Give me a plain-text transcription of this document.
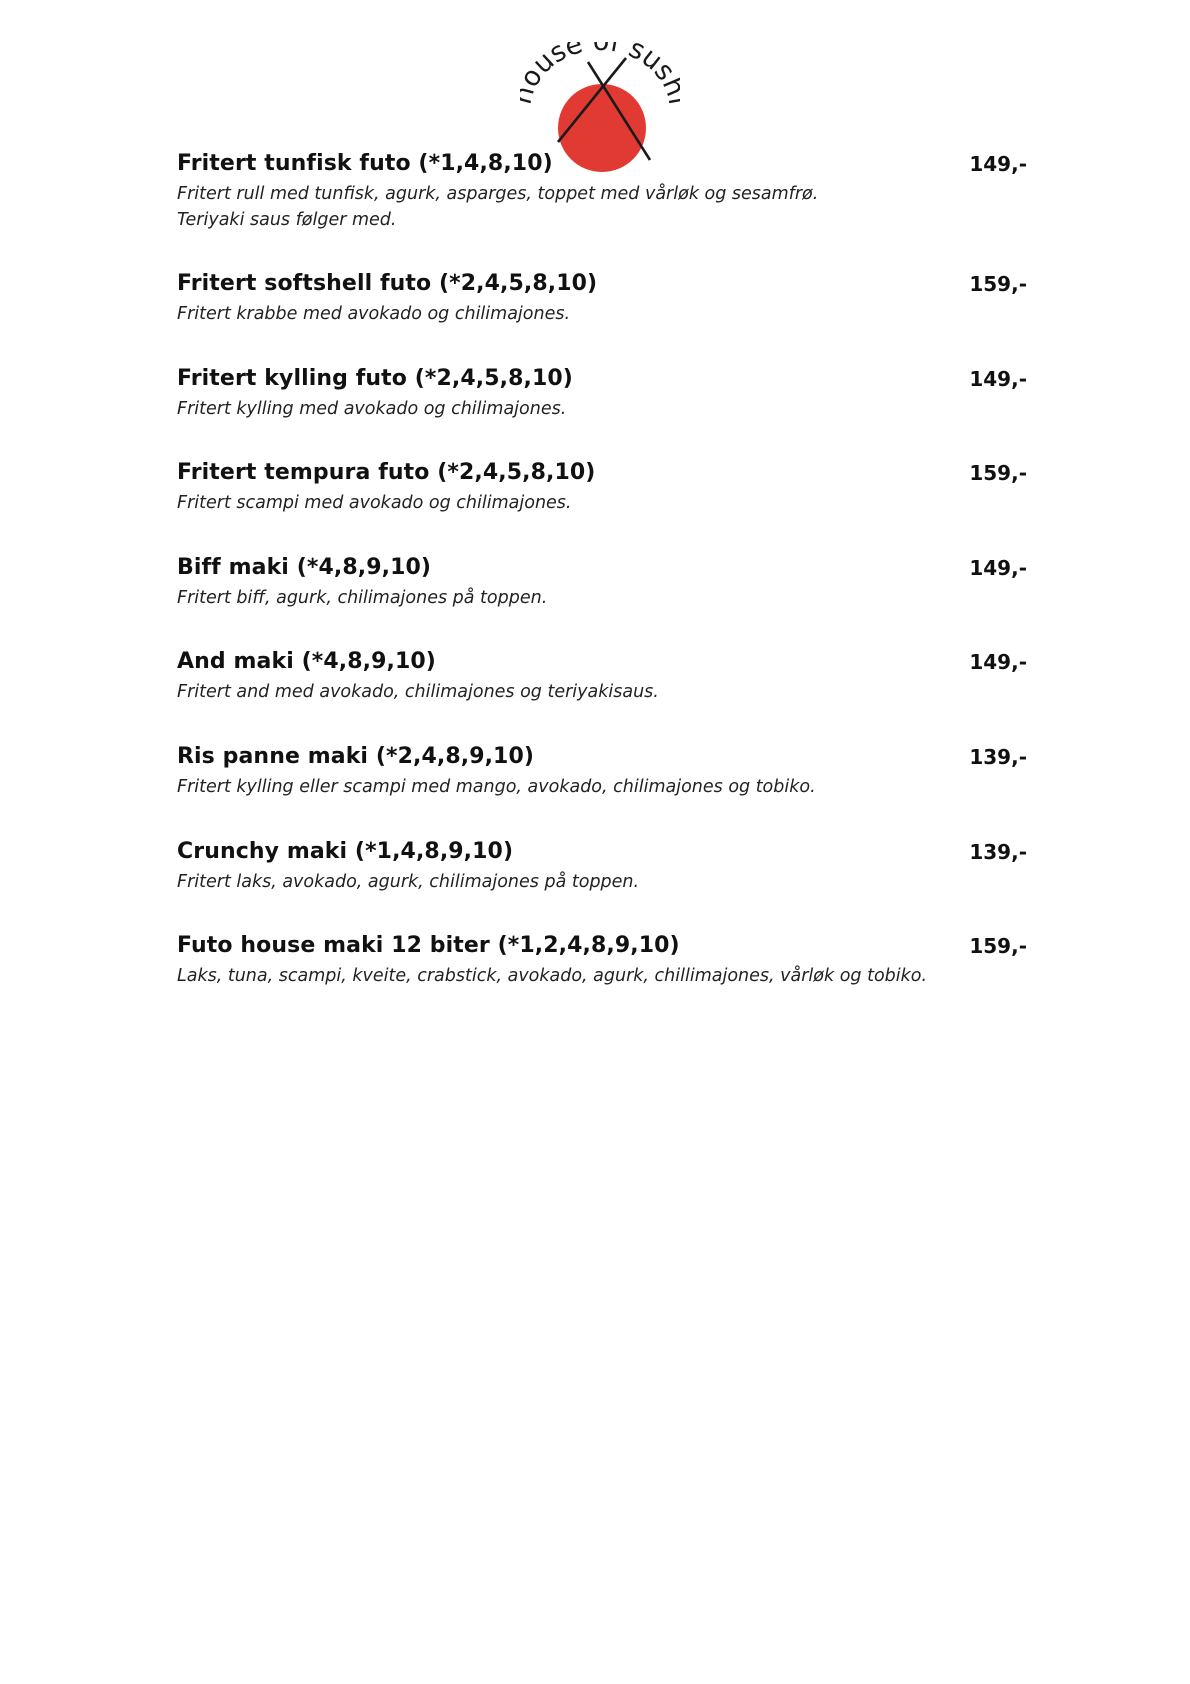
use f sus
Fritert tunfisk futo (*1,4,8,10)	149,-
Fritert rull med tunfisk, agurk, asparges, toppet med vårløk og sesamfrø.
Teriyaki saus følger med.
Fritert softshell futo (*2,4,5,8,10)	159,-
Fritert krabbe med avokado og chilimajones.
Fritert kylling futo (*2,4,5,8,10)	149,-
Fritert kylling med avokado og chilimajones.
Fritert tempura futo (*2,4,5,8,10)	159,-
Fritert scampi med avokado og chilimajones.
Biff maki (*4,8,9,10)	149,-
Fritert biff, agurk, chilimajones på toppen.
And maki (*4,8,9,10)	149,-
Fritert and med avokado, chilimajones og teriyakisaus.
Ris panne maki (*2,4,8,9,10)	139,-
Fritert kylling eller scampi med mango, avokado, chilimajones og tobiko.
Crunchy maki (*1,4,8,9,10)	139,-
Fritert laks, avokado, agurk, chilimajones på toppen.
Futo house maki 12 biter (*1,2,4,8,9,10)	159,-
Laks, tuna, scampi, kveite, crabstick, avokado, agurk, chillimajones, vårløk og tobiko.
